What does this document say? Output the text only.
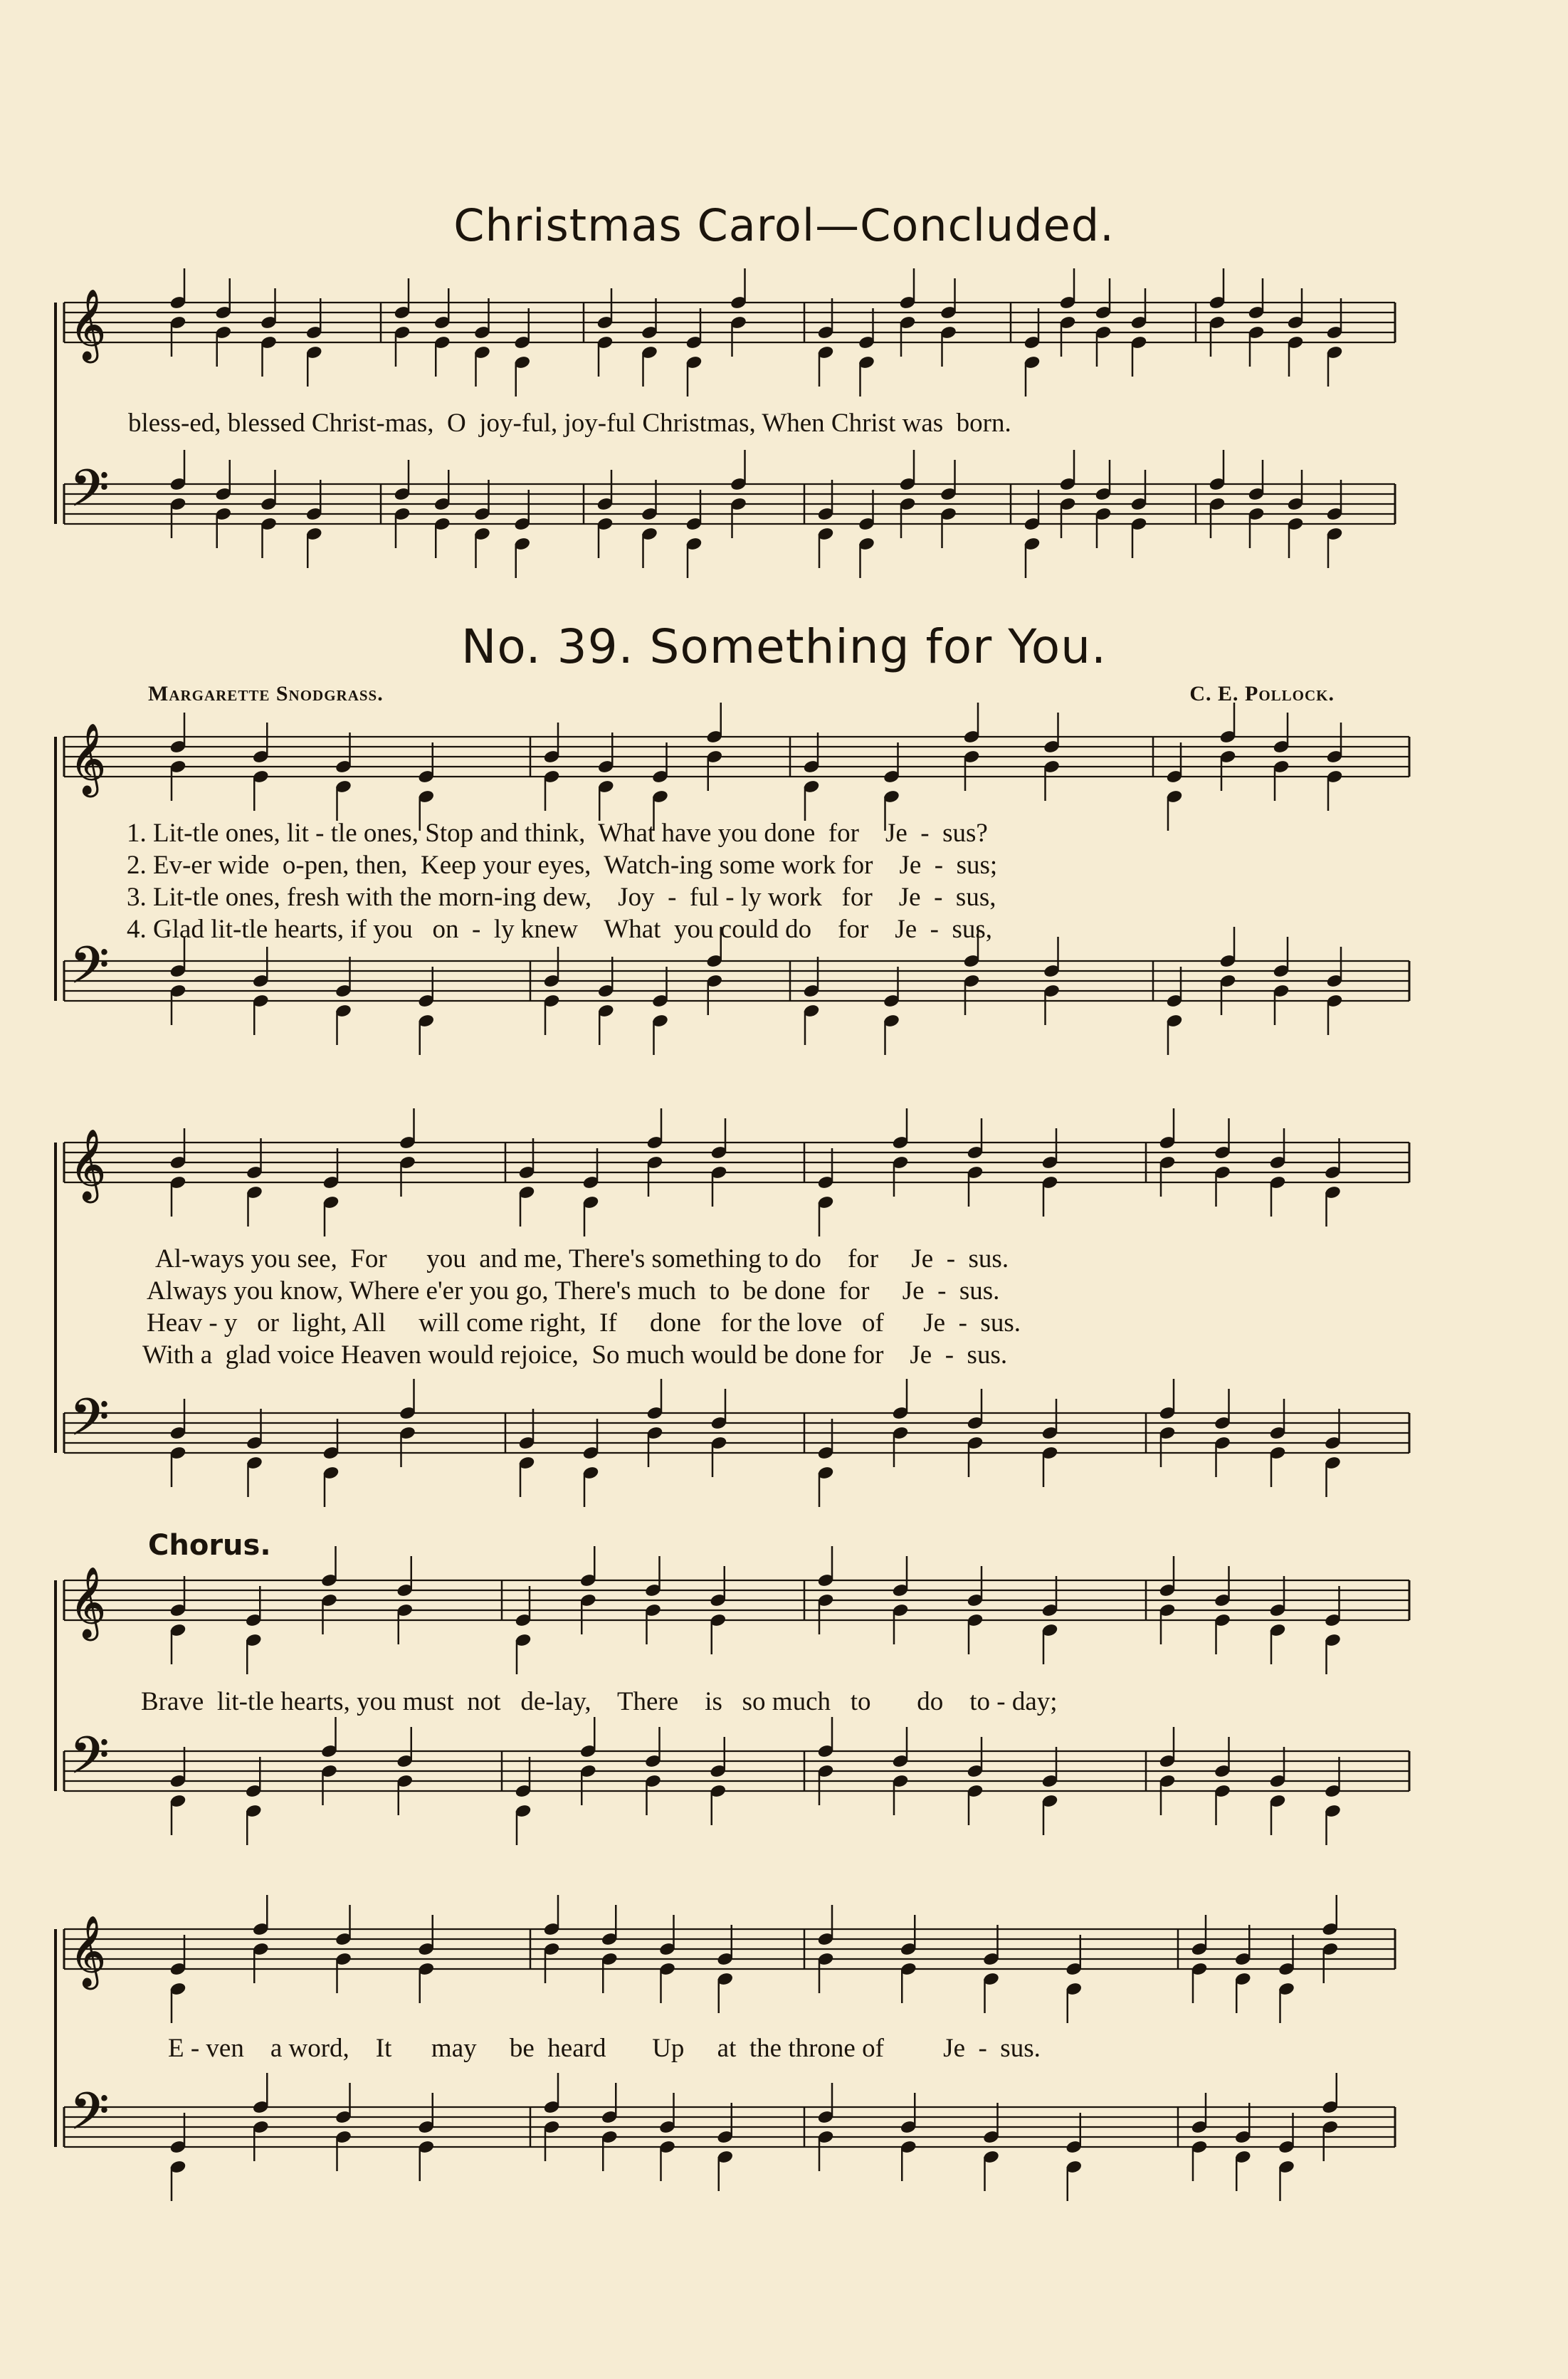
𝄞
𝄢
𝄞
𝄢
𝄞
𝄢
𝄞
𝄢
𝄞
𝄢
Christmas Carol—Concluded.
bless-ed, blessed Christ-mas,  O  joy-ful, joy-ful Christmas, When Christ was  born.
No. 39. Something for You.
Margarette Snodgrass.	C. E. Pollock.
1. Lit-tle ones, lit - tle ones, Stop and think,  What have you done  for    Je  -  sus?
2. Ev-er wide  o-pen, then,  Keep your eyes,  Watch-ing some work for    Je  -  sus;
3. Lit-tle ones, fresh with the morn-ing dew,    Joy  -  ful - ly work   for    Je  -  sus,
4. Glad lit-tle hearts, if you   on  -  ly knew    What  you could do    for    Je  -  sus,
Al-ways you see,  For      you  and me, There's something to do    for     Je  -  sus.
Always you know, Where e'er you go, There's much  to  be done  for     Je  -  sus.
Heav - y   or  light, All     will come right,  If     done   for the love   of      Je  -  sus.
With a  glad voice Heaven would rejoice,  So much would be done for    Je  -  sus.
Chorus.
Brave  lit-tle hearts, you must  not   de-lay,    There    is   so much   to       do    to - day;
E - ven    a word,    It      may     be  heard       Up     at  the throne of         Je  -  sus.
